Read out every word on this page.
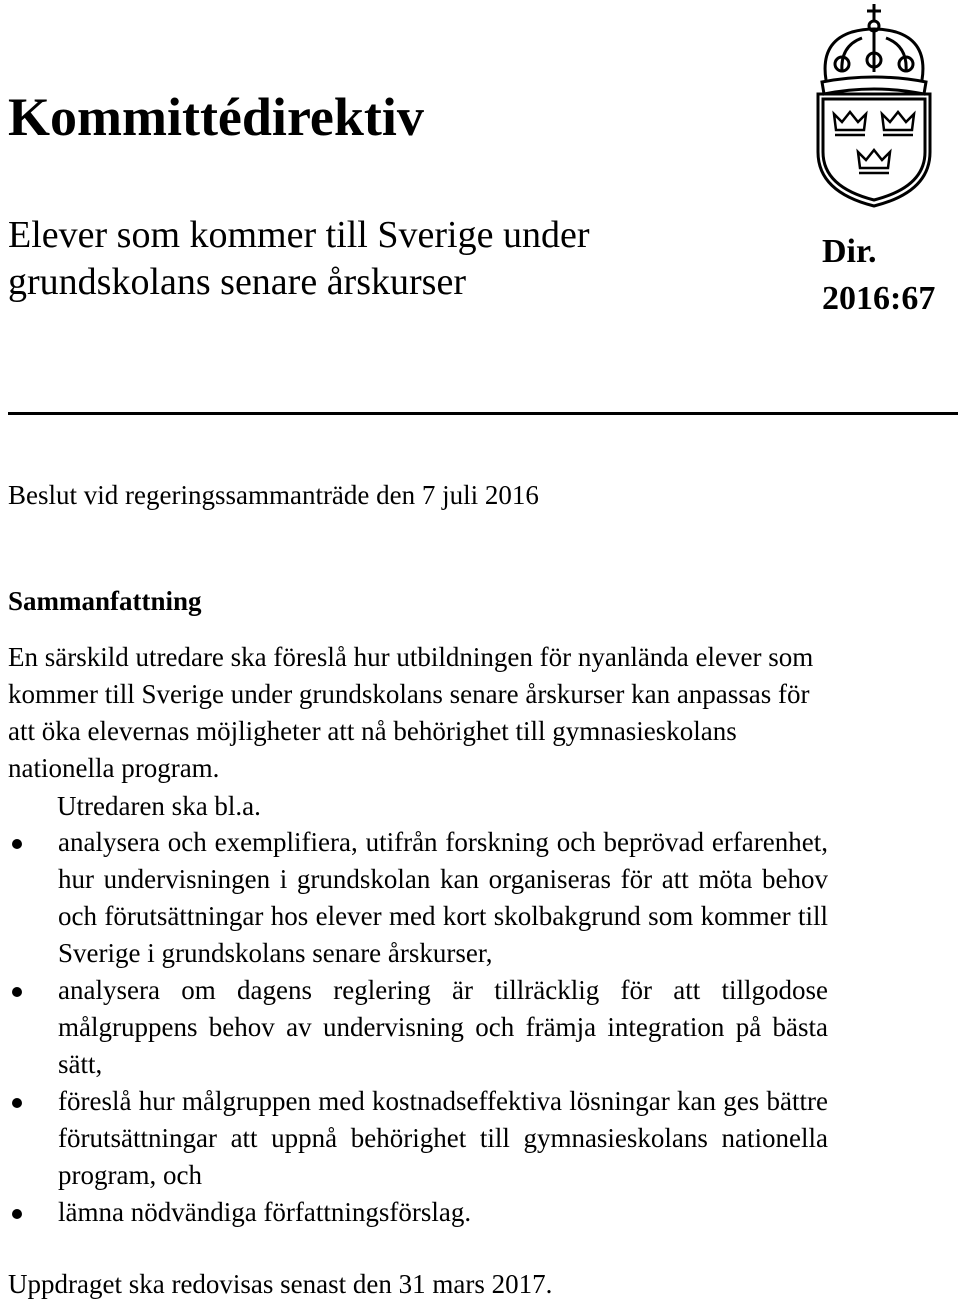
Kommittédirektiv
Elever som kommer till Sverige under
grundskolans senare årskurser
Dir.
2016:67

Beslut vid regeringssammanträde den 7 juli 2016

Sammanfattning

En särskild utredare ska föreslå hur utbildningen för nyanlända elever som kommer till Sverige under grundskolans senare årskurser kan anpassas för att öka elevernas möjligheter att nå behörighet till gymnasieskolans nationella program.

Utredaren ska bl.a.

analysera och exemplifiera, utifrån forskning och beprövad erfarenhet, hur undervisningen i grundskolan kan organiseras för att möta behov och förutsättningar hos elever med kort skolbakgrund som kommer till Sverige i grundskolans senare årskurser,
analysera om dagens reglering är tillräcklig för att tillgodose målgruppens behov av undervisning och främja integration på bästa sätt,
föreslå hur målgruppen med kostnadseffektiva lösningar kan ges bättre förutsättningar att uppnå behörighet till gymnasieskolans nationella program, och
lämna nödvändiga författningsförslag.

Uppdraget ska redovisas senast den 31 mars 2017.
